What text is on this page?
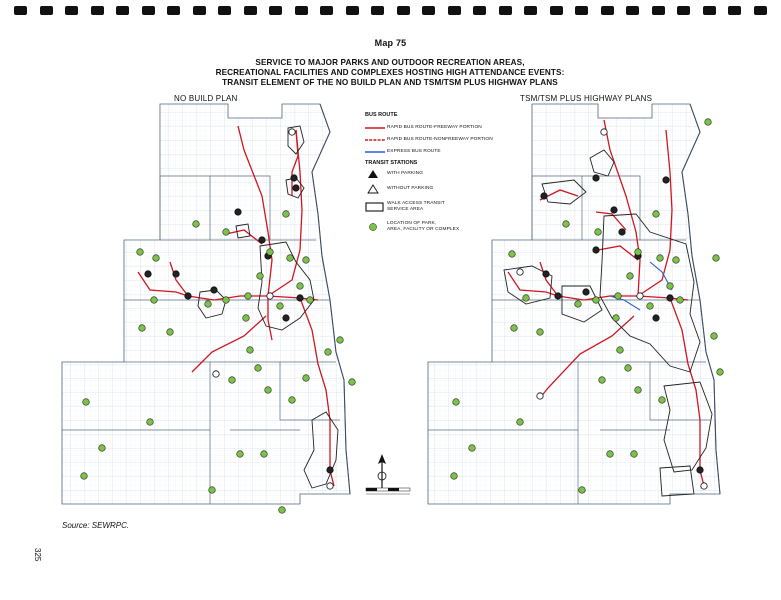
Map 75
SERVICE TO MAJOR PARKS AND OUTDOOR RECREATION AREAS,
RECREATIONAL FACILITIES AND COMPLEXES HOSTING HIGH ATTENDANCE EVENTS:
TRANSIT ELEMENT OF THE NO BUILD PLAN AND TSM/TSM PLUS HIGHWAY PLANS
NO BUILD PLAN	TSM/TSM PLUS HIGHWAY PLANS
BUS ROUTE
RAPID BUS ROUTE-FREEWAY PORTION
RAPID BUS ROUTE-NONFREEWAY PORTION
EXPRESS BUS ROUTE
TRANSIT STATIONS
WITH PARKING
WITHOUT PARKING
WALK ACCESS TRANSIT
SERVICE AREA
LOCATION OF PARK,
AREA, FACILITY OR COMPLEX
Source: SEWRPC.
325
